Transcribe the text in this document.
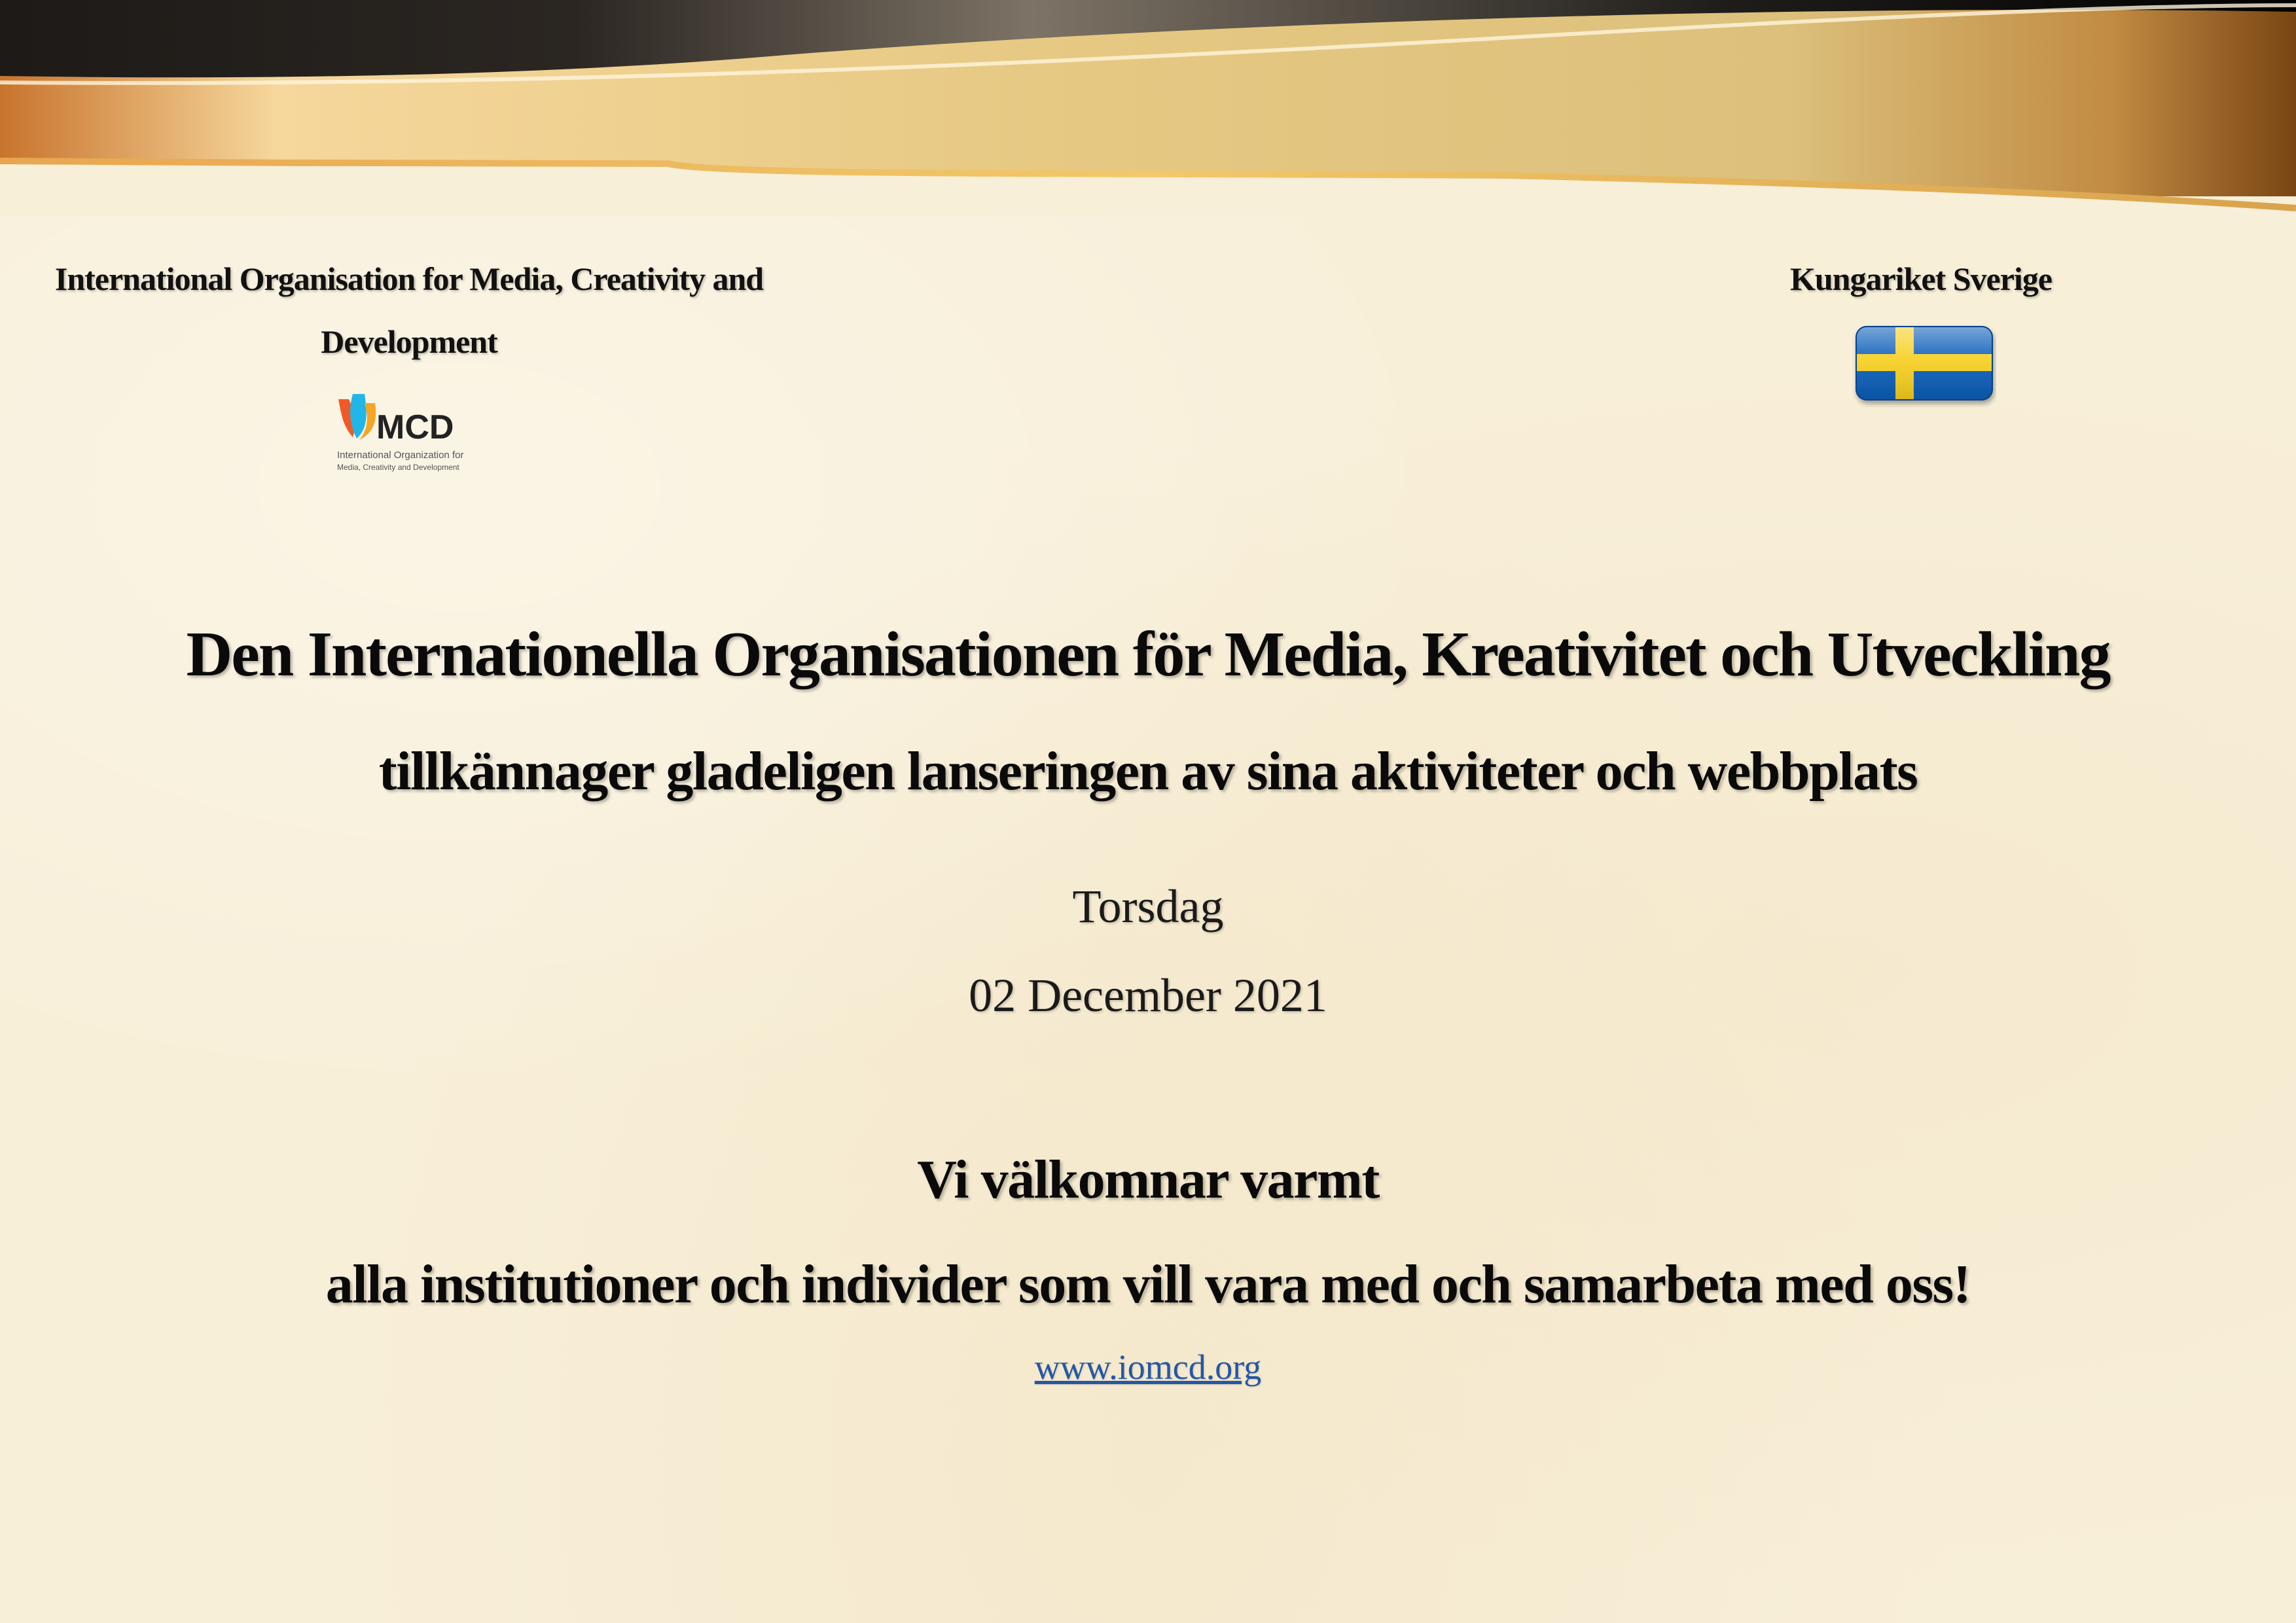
International Organisation for Media, Creativity and
Development
MCD
International Organization for
Media, Creativity and Development
Kungariket Sverige
Den Internationella Organisationen för Media, Kreativitet och Utveckling
tillkännager gladeligen lanseringen av sina aktiviteter och webbplats
Torsdag
02 December 2021
Vi välkomnar varmt
alla institutioner och individer som vill vara med och samarbeta med oss!
www.iomcd.org
